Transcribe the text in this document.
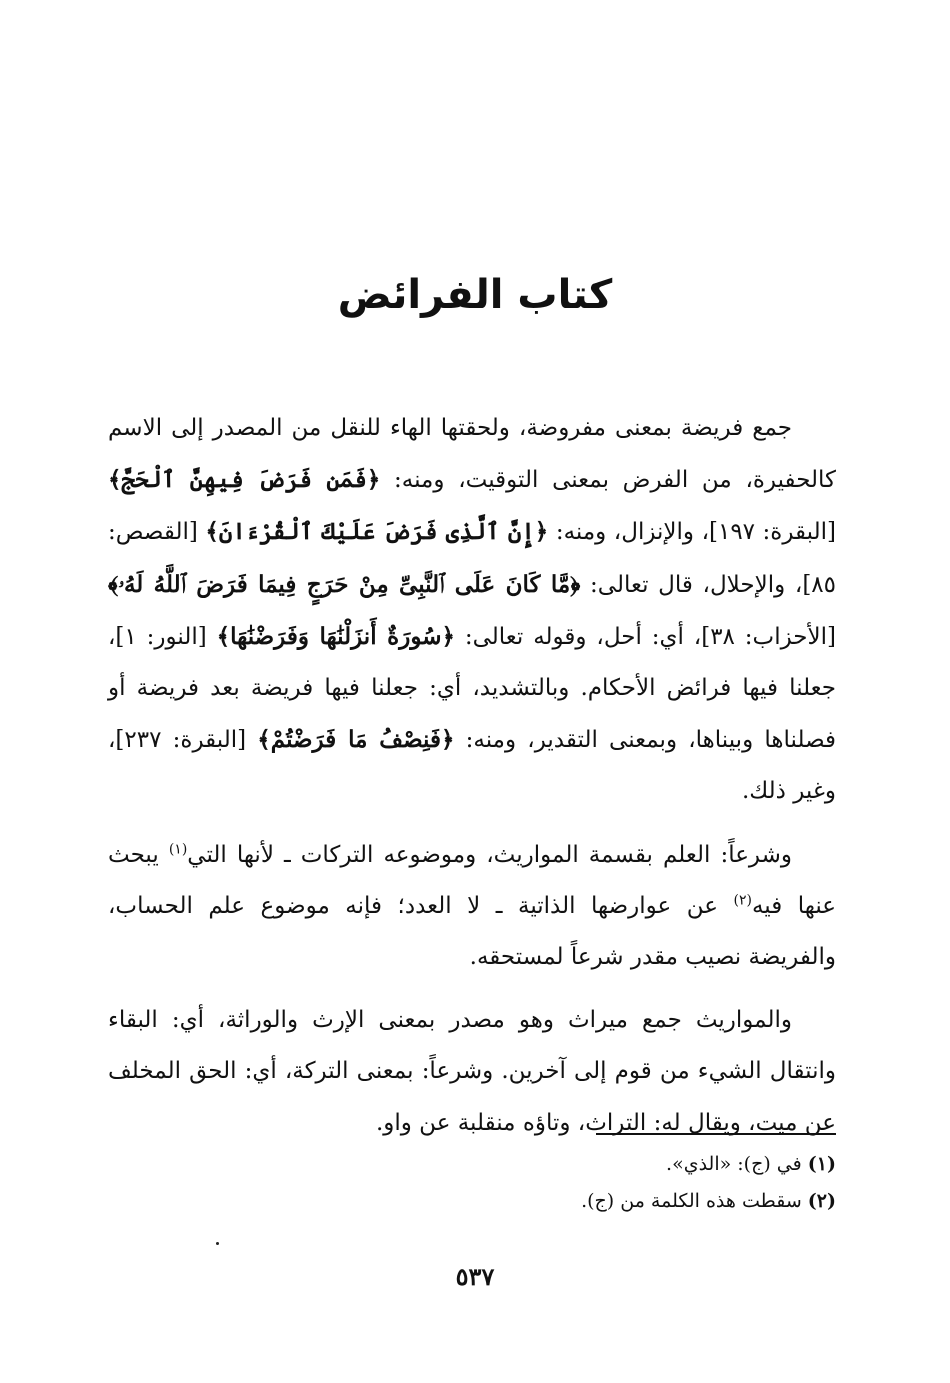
كتاب الفرائض

جمع فريضة بمعنى مفروضة، ولحقتها الهاء للنقل من المصدر إلى الاسم كالحفيرة، من الفرض بمعنى التوقيت، ومنه: ﴿فَمَن فَرَضَ فِيهِنَّ ٱلْحَجَّ﴾ [البقرة: ١٩٧]، والإنزال، ومنه: ﴿إِنَّ ٱلَّذِى فَرَضَ عَلَيْكَ ٱلْقُرْءَانَ﴾ [القصص: ٨٥]، والإحلال، قال تعالى: ﴿مَّا كَانَ عَلَى ٱلنَّبِىِّ مِنْ حَرَجٍ فِيمَا فَرَضَ ٱللَّهُ لَهُۥ﴾ [الأحزاب: ٣٨]، أي: أحل، وقوله تعالى: ﴿سُورَةٌ أَنزَلْنَٰهَا وَفَرَضْنَٰهَا﴾ [النور: ١]، جعلنا فيها فرائض الأحكام. وبالتشديد، أي: جعلنا فيها فريضة بعد فريضة أو فصلناها وبيناها، وبمعنى التقدير، ومنه: ﴿فَنِصْفُ مَا فَرَضْتُمْ﴾ [البقرة: ٢٣٧]، وغير ذلك.

وشرعاً: العلم بقسمة المواريث، وموضوعه التركات ـ لأنها التي$^{(١)}$ يبحث عنها فيه$^{(٢)}$ عن عوارضها الذاتية ـ لا العدد؛ فإنه موضوع علم الحساب، والفريضة نصيب مقدر شرعاً لمستحقه.

والمواريث جمع ميراث وهو مصدر بمعنى الإرث والوراثة، أي: البقاء وانتقال الشيء من قوم إلى آخرين. وشرعاً: بمعنى التركة، أي: الحق المخلف عن ميت، ويقال له: التراث، وتاؤه منقلبة عن واو.

(١) في (ج): «الذي».

(٢) سقطت هذه الكلمة من (ج).

٥٣٧
